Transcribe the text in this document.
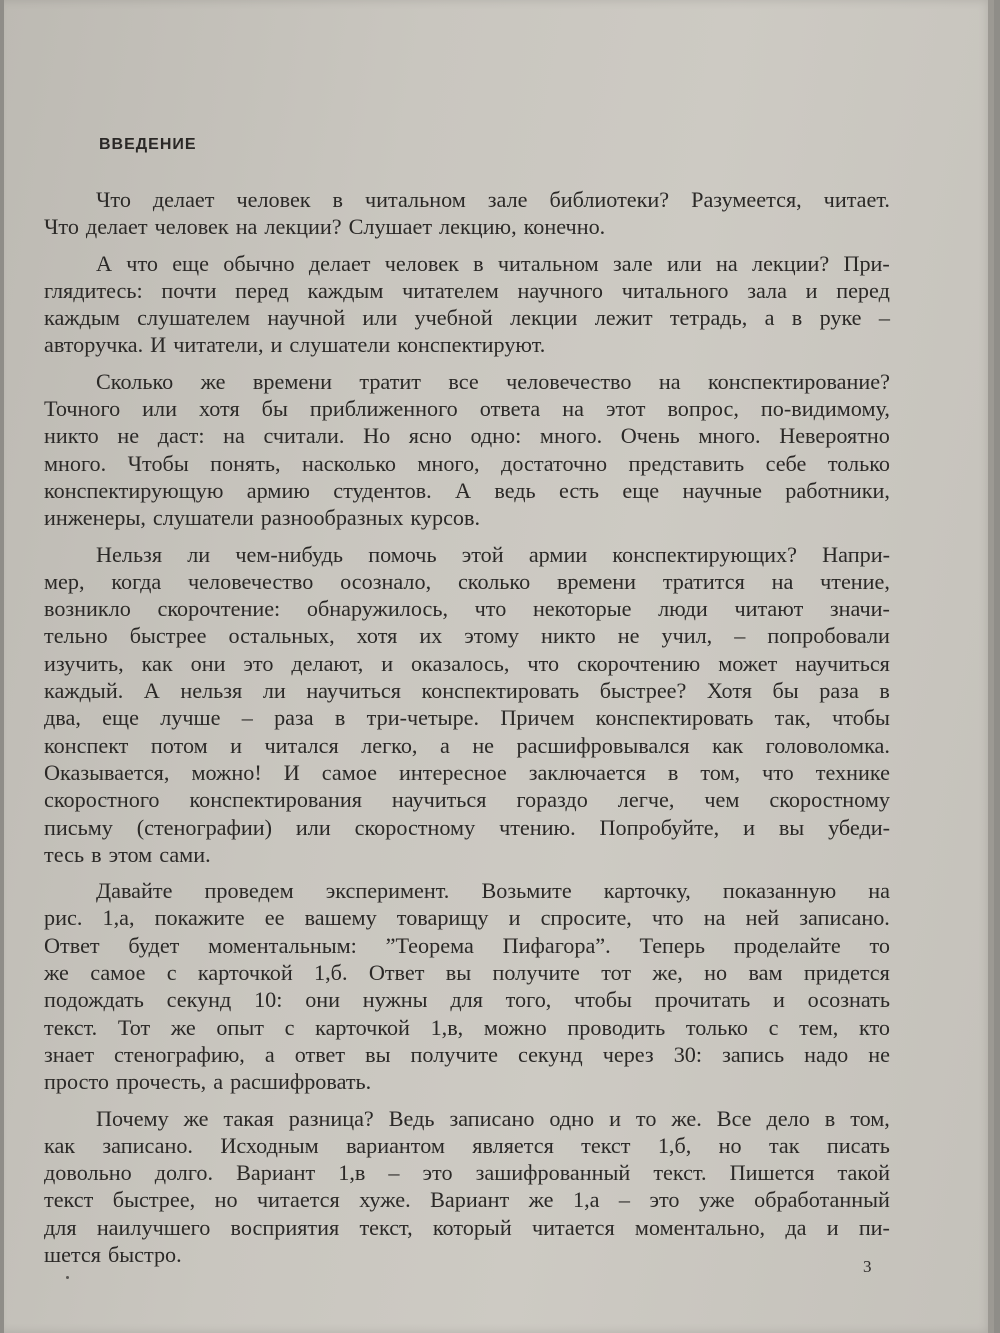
ВВЕДЕНИЕ
Что делает человек в читальном зале библиотеки? Разумеется, читает.
Что делает человек на лекции? Слушает лекцию, конечно.
А что еще обычно делает человек в читальном зале или на лекции? При-
глядитесь: почти перед каждым читателем научного читального зала и перед
каждым слушателем научной или учебной лекции лежит тетрадь, а в руке –
авторучка. И читатели, и слушатели конспектируют.
Сколько же времени тратит все человечество на конспектирование?
Точного или хотя бы приближенного ответа на этот вопрос, по-видимому,
никто не даст: на считали. Но ясно одно: много. Очень много. Невероятно
много. Чтобы понять, насколько много, достаточно представить себе только
конспектирующую армию студентов. А ведь есть еще научные работники,
инженеры, слушатели разнообразных курсов.
Нельзя ли чем-нибудь помочь этой армии конспектирующих? Напри-
мер, когда человечество осознало, сколько времени тратится на чтение,
возникло скорочтение: обнаружилось, что некоторые люди читают значи-
тельно быстрее остальных, хотя их этому никто не учил, – попробовали
изучить, как они это делают, и оказалось, что скорочтению может научиться
каждый. А нельзя ли научиться конспектировать быстрее? Хотя бы раза в
два, еще лучше – раза в три-четыре. Причем конспектировать так, чтобы
конспект потом и читался легко, а не расшифровывался как головоломка.
Оказывается, можно! И самое интересное заключается в том, что технике
скоростного конспектирования научиться гораздо легче, чем скоростному
письму (стенографии) или скоростному чтению. Попробуйте, и вы убеди-
тесь в этом сами.
Давайте проведем эксперимент. Возьмите карточку, показанную на
рис. 1,а, покажите ее вашему товарищу и спросите, что на ней записано.
Ответ будет моментальным: ”Теорема Пифагора”. Теперь проделайте то
же самое с карточкой 1,б. Ответ вы получите тот же, но вам придется
подождать секунд 10: они нужны для того, чтобы прочитать и осознать
текст. Тот же опыт с карточкой 1,в, можно проводить только с тем, кто
знает стенографию, а ответ вы получите секунд через 30: запись надо не
просто прочесть, а расшифровать.
Почему же такая разница? Ведь записано одно и то же. Все дело в том,
как записано. Исходным вариантом является текст 1,б, но так писать
довольно долго. Вариант 1,в – это зашифрованный текст. Пишется такой
текст быстрее, но читается хуже. Вариант же 1,а – это уже обработанный
для наилучшего восприятия текст, который читается моментально, да и пи-
шется быстро.	3
